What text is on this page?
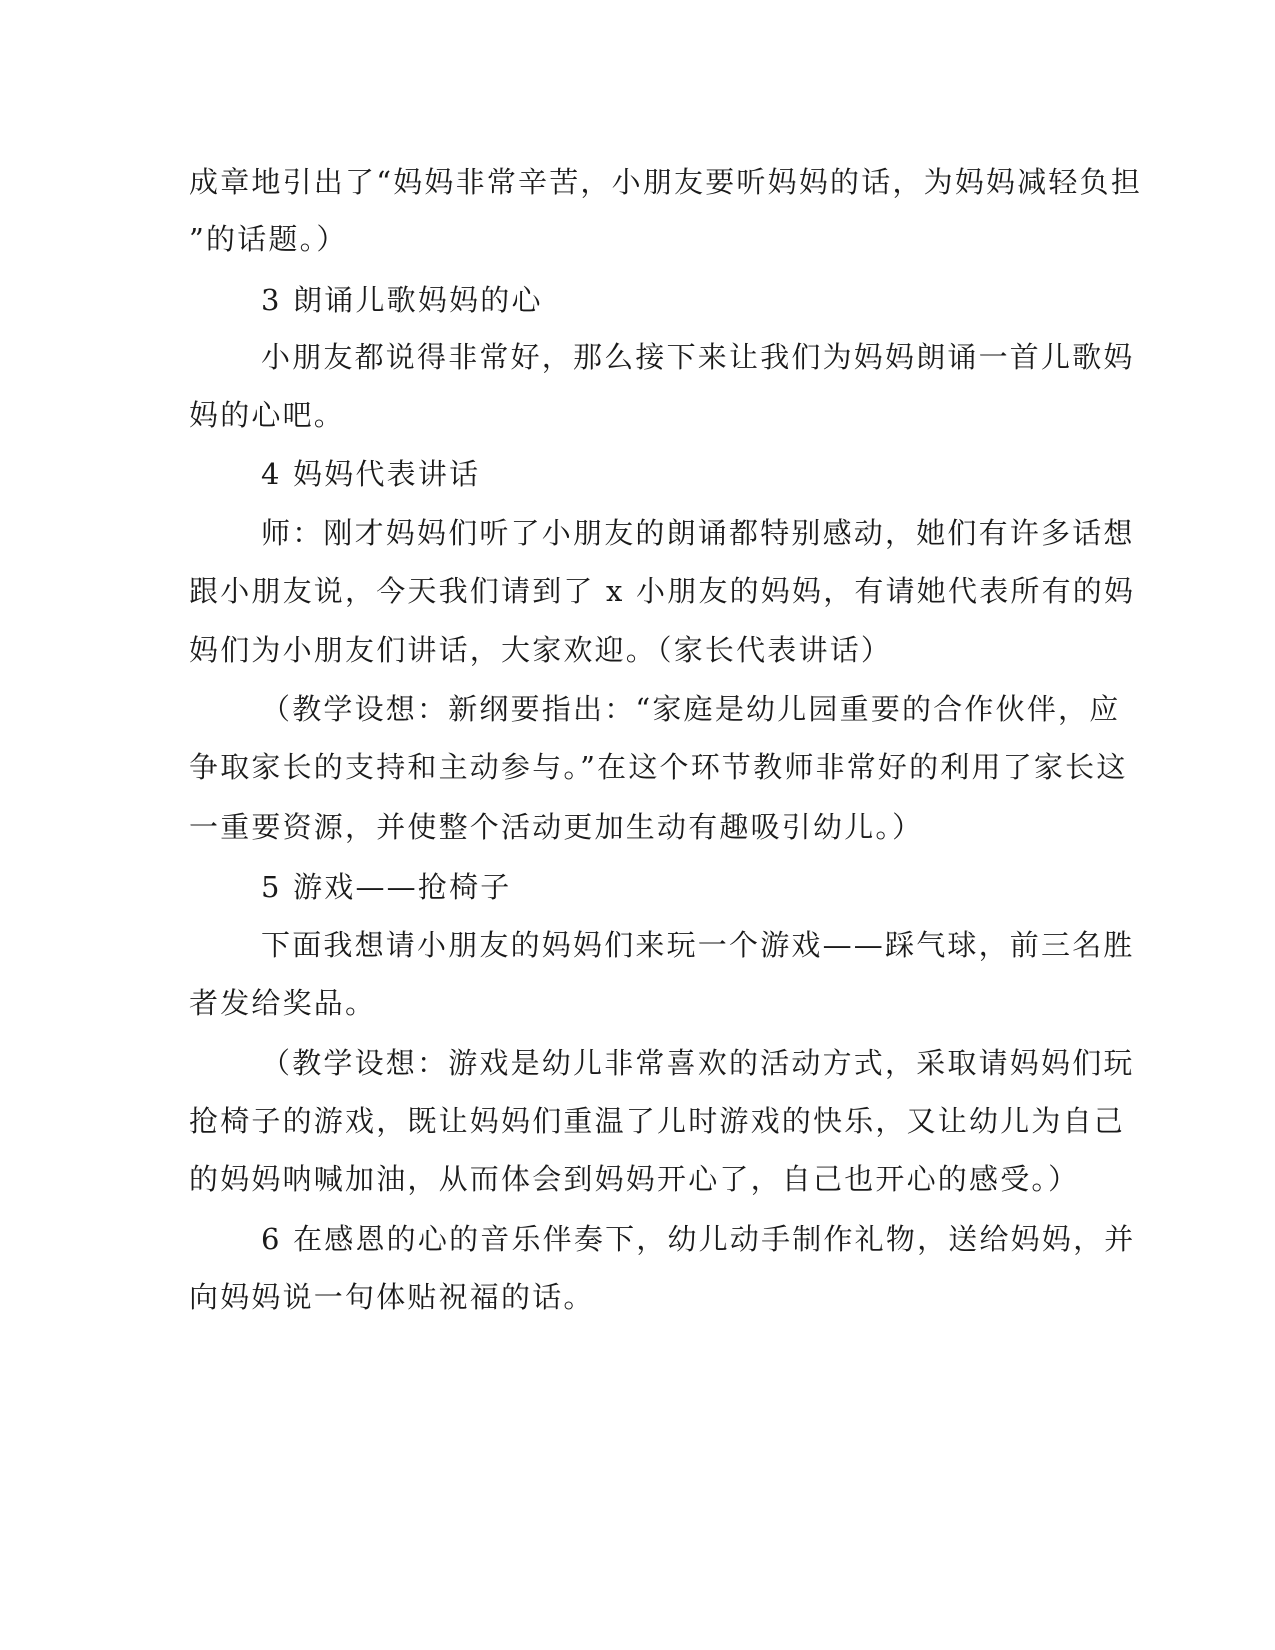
成章地引出了“妈妈非常辛苦，小朋友要听妈妈的话，为妈妈减轻负担
”的话题。）
3 朗诵儿歌妈妈的心
小朋友都说得非常好，那么接下来让我们为妈妈朗诵一首儿歌妈
妈的心吧。
4 妈妈代表讲话
师：刚才妈妈们听了小朋友的朗诵都特别感动，她们有许多话想
跟小朋友说，今天我们请到了 x 小朋友的妈妈，有请她代表所有的妈
妈们为小朋友们讲话，大家欢迎。（家长代表讲话）
（教学设想：新纲要指出：“家庭是幼儿园重要的合作伙伴，应
争取家长的支持和主动参与。”在这个环节教师非常好的利用了家长这
一重要资源，并使整个活动更加生动有趣吸引幼儿。）
5 游戏——抢椅子
下面我想请小朋友的妈妈们来玩一个游戏——踩气球，前三名胜
者发给奖品。
（教学设想：游戏是幼儿非常喜欢的活动方式，采取请妈妈们玩
抢椅子的游戏，既让妈妈们重温了儿时游戏的快乐，又让幼儿为自己
的妈妈呐喊加油，从而体会到妈妈开心了，自己也开心的感受。）
6 在感恩的心的音乐伴奏下，幼儿动手制作礼物，送给妈妈，并
向妈妈说一句体贴祝福的话。
